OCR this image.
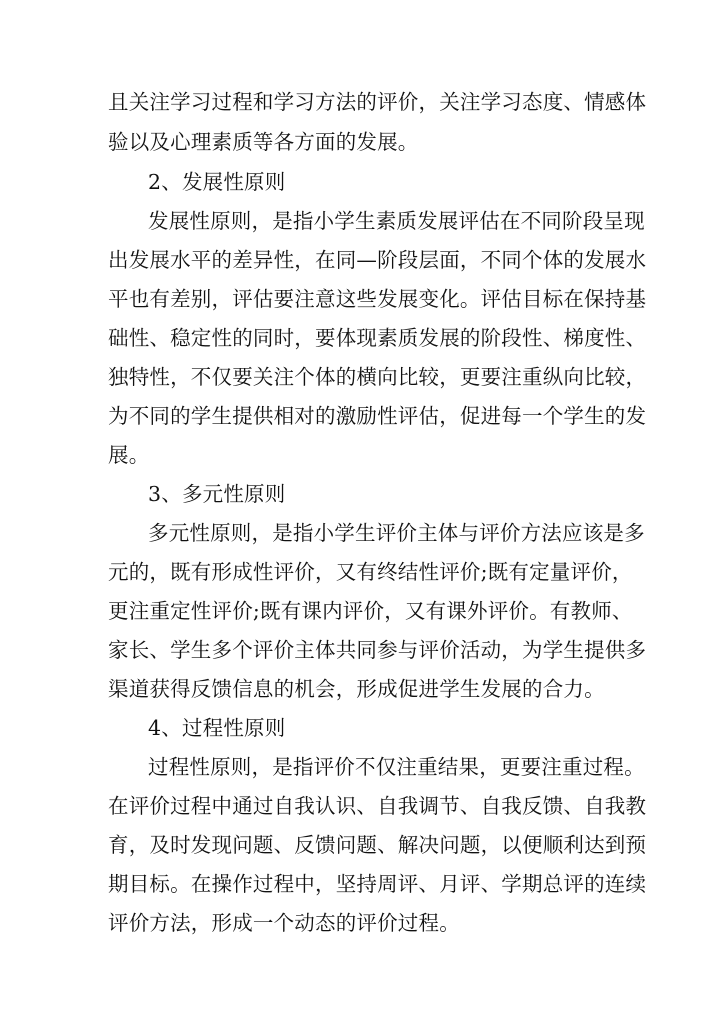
且关注学习过程和学习方法的评价，关注学习态度、情感体
验以及心理素质等各方面的发展。
2、发展性原则
发展性原则，是指小学生素质发展评估在不同阶段呈现
出发展水平的差异性，在同—阶段层面，不同个体的发展水
平也有差别，评估要注意这些发展变化。评估目标在保持基
础性、稳定性的同时，要体现素质发展的阶段性、梯度性、
独特性，不仅要关注个体的横向比较，更要注重纵向比较，
为不同的学生提供相对的激励性评估，促进每一个学生的发
展。
3、多元性原则
多元性原则，是指小学生评价主体与评价方法应该是多
元的，既有形成性评价，又有终结性评价;既有定量评价，
更注重定性评价;既有课内评价，又有课外评价。有教师、
家长、学生多个评价主体共同参与评价活动，为学生提供多
渠道获得反馈信息的机会，形成促进学生发展的合力。
4、过程性原则
过程性原则，是指评价不仅注重结果，更要注重过程。
在评价过程中通过自我认识、自我调节、自我反馈、自我教
育，及时发现问题、反馈问题、解决问题，以便顺利达到预
期目标。在操作过程中，坚持周评、月评、学期总评的连续
评价方法，形成一个动态的评价过程。
